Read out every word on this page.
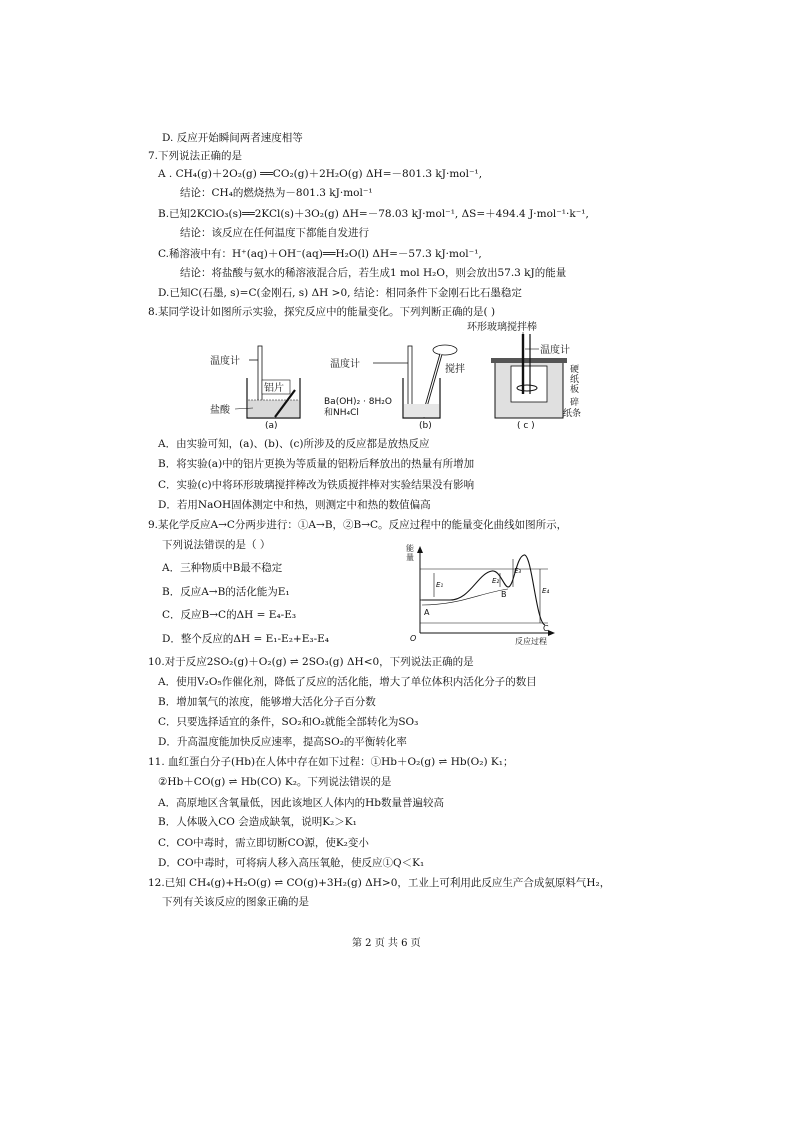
D. 反应开始瞬间两者速度相等
7.下列说法正确的是
A . CH₄(g)＋2O₂(g) ══CO₂(g)＋2H₂O(g) ΔH=－801.3 kJ·mol⁻¹,
结论：CH₄的燃烧热为－801.3 kJ·mol⁻¹
B.已知2KClO₃(s)══2KCl(s)＋3O₂(g) ΔH=－78.03 kJ·mol⁻¹, ΔS=＋494.4 J·mol⁻¹·k⁻¹,
结论：该反应在任何温度下都能自发进行
C.稀溶液中有：H⁺(aq)＋OH⁻(aq)══H₂O(l) ΔH=－57.3 kJ·mol⁻¹,
结论：将盐酸与氨水的稀溶液混合后，若生成1 mol H₂O，则会放出57.3 kJ的能量
D.已知C(石墨, s)=C(金刚石, s) ΔH >0, 结论：相同条件下金刚石比石墨稳定
8.某同学设计如图所示实验，探究反应中的能量变化。下列判断正确的是( )
温度计
铝片
盐酸
(a)
温度计	搅拌
Ba(OH)₂ · 8H₂O
和NH₄Cl
(b)
环形玻璃搅拌棒
温度计
硬
纸
板
碎
纸条
( c )
A．由实验可知，(a)、(b)、(c)所涉及的反应都是放热反应
B．将实验(a)中的铝片更换为等质量的铝粉后释放出的热量有所增加
C．实验(c)中将环形玻璃搅拌棒改为铁质搅拌棒对实验结果没有影响
D．若用NaOH固体测定中和热，则测定中和热的数值偏高
9.某化学反应A→C分两步进行：①A→B，②B→C。反应过程中的能量变化曲线如图所示，
下列说法错误的是（ ）
A．三种物质中B最不稳定
B．反应A→B的活化能为E₁
C．反应B→C的ΔH = E₄-E₃
D．整个反应的ΔH = E₁-E₂+E₃-E₄
能
量
O	反应过程
A
B
C
E₁	E₂
E₃
E₄
10.对于反应2SO₂(g)＋O₂(g) ⇌ 2SO₃(g) ΔH<0，下列说法正确的是
A．使用V₂O₅作催化剂，降低了反应的活化能，增大了单位体积内活化分子的数目
B．增加氧气的浓度，能够增大活化分子百分数
C．只要选择适宜的条件，SO₂和O₂就能全部转化为SO₃
D．升高温度能加快反应速率，提高SO₂的平衡转化率
11. 血红蛋白分子(Hb)在人体中存在如下过程：①Hb＋O₂(g) ⇌ Hb(O₂) K₁；
②Hb＋CO(g) ⇌ Hb(CO) K₂。下列说法错误的是
A．高原地区含氧量低，因此该地区人体内的Hb数量普遍较高
B．人体吸入CO 会造成缺氧，说明K₂＞K₁
C．CO中毒时，需立即切断CO源，使K₂变小
D．CO中毒时，可将病人移入高压氧舱，使反应①Q＜K₁
12.已知 CH₄(g)+H₂O(g) ⇌ CO(g)+3H₂(g) ΔH>0，工业上可利用此反应生产合成氨原料气H₂，
下列有关该反应的图象正确的是
第 2 页 共 6 页
